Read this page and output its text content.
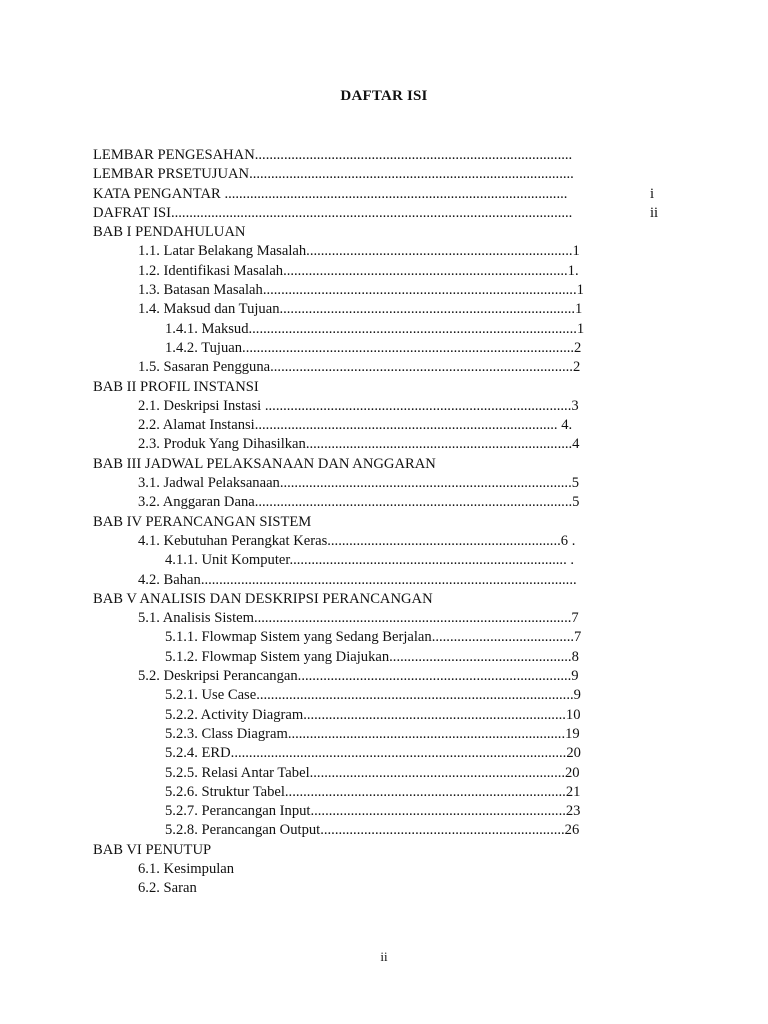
DAFTAR ISI
LEMBAR PENGESAHAN.......................................................................................
LEMBAR PRSETUJUAN.........................................................................................
KATA PENGANTAR ..............................................................................................	i
DAFRAT ISI..............................................................................................................	ii
BAB I PENDAHULUAN
1.1. Latar Belakang Masalah.........................................................................1
1.2. Identifikasi Masalah..............................................................................1.
1.3. Batasan Masalah......................................................................................1
1.4. Maksud dan Tujuan.................................................................................1
1.4.1. Maksud..........................................................................................1
1.4.2. Tujuan...........................................................................................2
1.5. Sasaran Pengguna...................................................................................2
BAB II PROFIL INSTANSI
2.1. Deskripsi Instasi ....................................................................................3
2.2. Alamat Instansi................................................................................... 4.
2.3. Produk Yang Dihasilkan.........................................................................4
BAB III JADWAL PELAKSANAAN DAN ANGGARAN
3.1. Jadwal Pelaksanaan................................................................................5
3.2. Anggaran Dana.......................................................................................5
BAB IV PERANCANGAN SISTEM
4.1. Kebutuhan Perangkat Keras................................................................6 .
4.1.1. Unit Komputer............................................................................ .
4.2. Bahan.......................................................................................................
BAB V ANALISIS DAN DESKRIPSI PERANCANGAN
5.1. Analisis Sistem.......................................................................................7
5.1.1. Flowmap Sistem yang Sedang Berjalan.......................................7
5.1.2. Flowmap Sistem yang Diajukan..................................................8
5.2. Deskripsi Perancangan...........................................................................9
5.2.1. Use Case.......................................................................................9
5.2.2. Activity Diagram........................................................................10
5.2.3. Class Diagram............................................................................19
5.2.4. ERD............................................................................................20
5.2.5. Relasi Antar Tabel......................................................................20
5.2.6. Struktur Tabel.............................................................................21
5.2.7. Perancangan Input......................................................................23
5.2.8. Perancangan Output...................................................................26
BAB VI PENUTUP
6.1. Kesimpulan
6.2. Saran
ii
